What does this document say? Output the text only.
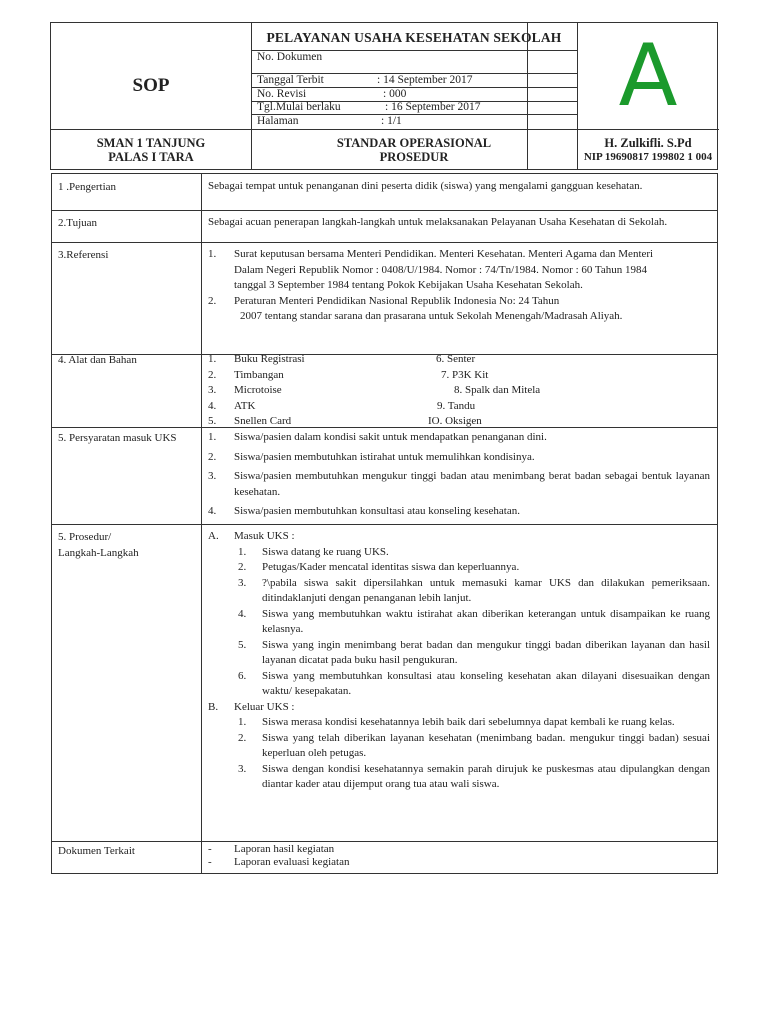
PELAYANAN USAHA KESEHATAN SEKOLAH
SOP	A
No. Dokumen
Tanggal Terbit	: 14 September 2017
No. Revisi	: 000
Tgl.Mulai berlaku	: 16 September 2017
Halaman	: 1/1
SMAN 1 TANJUNG
PALAS I TARA
STANDAR OPERASIONAL
PROSEDUR
H. Zulkifli. S.Pd
NIP 19690817 199802 1 004
1 .Pengertian	Sebagai tempat untuk penanganan dini peserta didik (siswa) yang mengalami gangguan kesehatan.
2.Tujuan	Sebagai acuan penerapan langkah-langkah untuk melaksanakan Pelayanan Usaha Kesehatan di Sekolah.
3.Referensi	1. Surat keputusan bersama Menteri Pendidikan. Menteri Kesehatan. Menteri Agama dan Menteri
Dalam Negeri Republik Nomor : 0408/U/1984. Nomor : 74/Tn/1984. Nomor : 60 Tahun 1984
tanggal 3 September 1984 tentang Pokok Kebijakan Usaha Kesehatan Sekolah.
2. Peraturan Menteri Pendidikan Nasional Republik Indonesia No: 24 Tahun
2007 tentang standar sarana dan prasarana untuk Sekolah Menengah/Madrasah Aliyah.
4. Alat dan Bahan	1. Buku Registrasi	6. Senter
2. Timbangan	7. P3K Kit
3. Microtoise	8. Spalk dan Mitela
4. ATK	9. Tandu
5. Snellen Card	IO. Oksigen
5. Persyaratan masuk UKS	1. Siswa/pasien dalam kondisi sakit untuk mendapatkan penanganan dini.
2. Siswa/pasien membutuhkan istirahat untuk memulihkan kondisinya.
3. Siswa/pasien membutuhkan mengukur tinggi badan atau menimbang berat badan sebagai bentuk layanan kesehatan.
4. Siswa/pasien membutuhkan konsultasi atau konseling kesehatan.
5. Prosedur/
Langkah-Langkah
A. Masuk UKS :
1. Siswa datang ke ruang UKS.
2. Petugas/Kader mencatal identitas siswa dan keperluannya.
3. ?\pabila siswa sakit dipersilahkan untuk memasuki kamar UKS dan dilakukan pemeriksaan. ditindaklanjuti dengan penanganan lebih lanjut.
4. Siswa yang membutuhkan waktu istirahat akan diberikan keterangan untuk disampaikan ke ruang kelasnya.
5. Siswa yang ingin menimbang berat badan dan mengukur tinggi badan diberikan layanan dan hasil layanan dicatat pada buku hasil pengukuran.
6. Siswa yang membutuhkan konsultasi atau konseling kesehatan akan dilayani disesuaikan dengan waktu/ kesepakatan.
B. Keluar UKS :
1. Siswa merasa kondisi kesehatannya lebih baik dari sebelumnya dapat kembali ke ruang kelas.
2. Siswa yang telah diberikan layanan kesehatan (menimbang badan. mengukur tinggi badan) sesuai keperluan oleh petugas.
3. Siswa dengan kondisi kesehatannya semakin parah dirujuk ke puskesmas atau dipulangkan dengan diantar kader atau dijemput orang tua atau wali siswa.
Dokumen Terkait	- Laporan hasil kegiatan
- Laporan evaluasi kegiatan
